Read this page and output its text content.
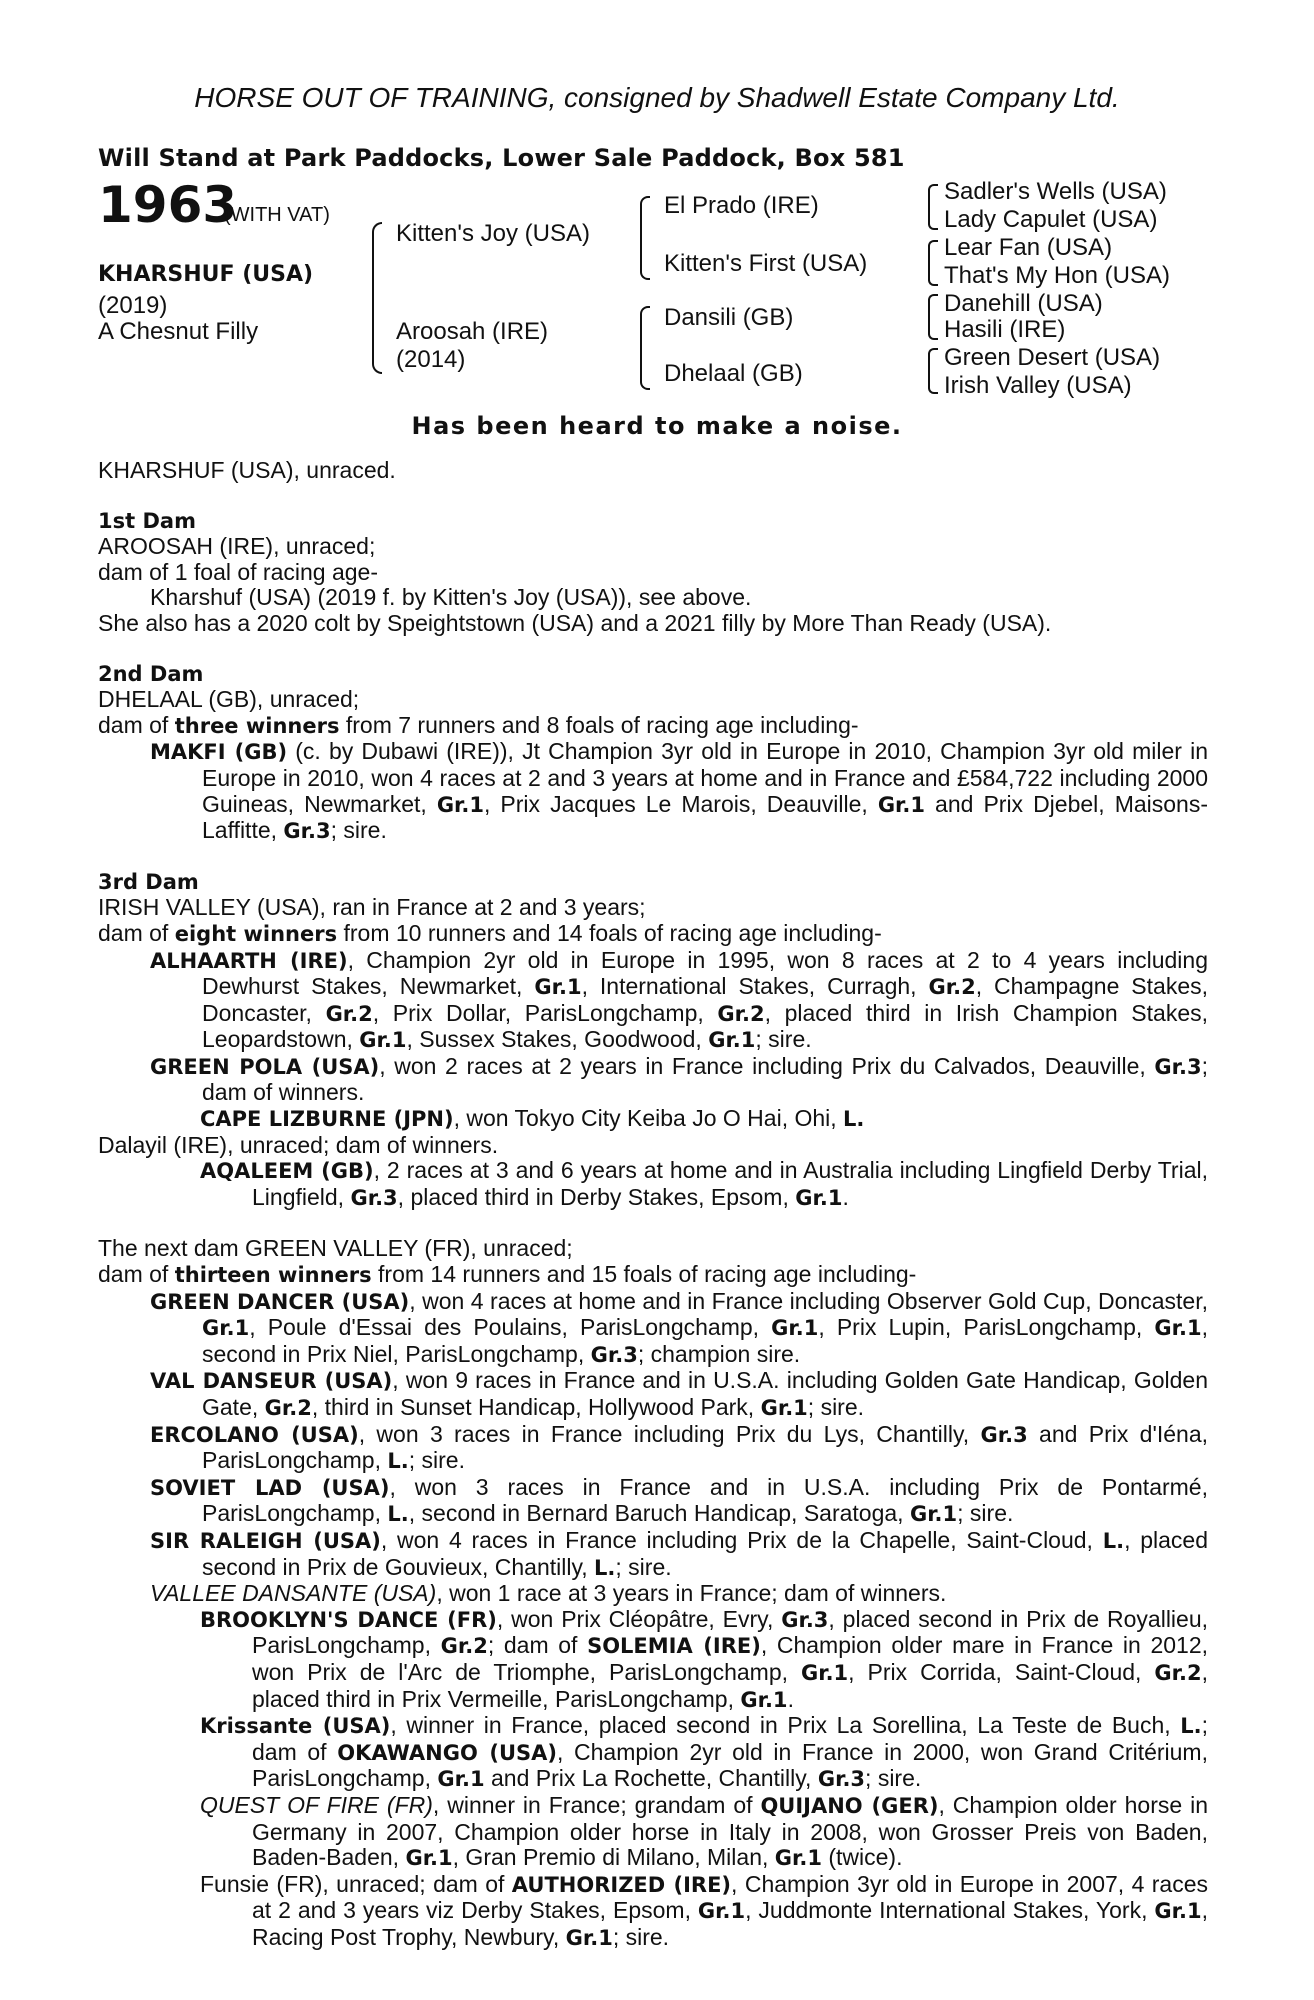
HORSE OUT OF TRAINING, consigned by Shadwell Estate Company Ltd.
Will Stand at Park Paddocks, Lower Sale Paddock, Box 581
1963
(WITH VAT)
KHARSHUF (USA)
(2019)
A Chesnut Filly
Kitten's Joy (USA)
Aroosah (IRE)
(2014)
El Prado (IRE)
Kitten's First (USA)
Dansili (GB)
Dhelaal (GB)
Sadler's Wells (USA)
Lady Capulet (USA)
Lear Fan (USA)
That's My Hon (USA)
Danehill (USA)
Hasili (IRE)
Green Desert (USA)
Irish Valley (USA)
Has been heard to make a noise.
KHARSHUF (USA), unraced.
1st Dam
AROOSAH (IRE), unraced;
dam of 1 foal of racing age-
Kharshuf (USA) (2019 f. by Kitten's Joy (USA)), see above.
She also has a 2020 colt by Speightstown (USA) and a 2021 filly by More Than Ready (USA).
2nd Dam
DHELAAL (GB), unraced;
dam of three winners from 7 runners and 8 foals of racing age including-
MAKFI (GB) (c. by Dubawi (IRE)), Jt Champion 3yr old in Europe in 2010, Champion 3yr old miler in Europe in 2010, won 4 races at 2 and 3 years at home and in France and £584,722 including 2000 Guineas, Newmarket, Gr.1, Prix Jacques Le Marois, Deauville, Gr.1 and Prix Djebel, Maisons-Laffitte, Gr.3; sire.
3rd Dam
IRISH VALLEY (USA), ran in France at 2 and 3 years;
dam of eight winners from 10 runners and 14 foals of racing age including-
ALHAARTH (IRE), Champion 2yr old in Europe in 1995, won 8 races at 2 to 4 years including Dewhurst Stakes, Newmarket, Gr.1, International Stakes, Curragh, Gr.2, Champagne Stakes, Doncaster, Gr.2, Prix Dollar, ParisLongchamp, Gr.2, placed third in Irish Champion Stakes, Leopardstown, Gr.1, Sussex Stakes, Goodwood, Gr.1; sire.
GREEN POLA (USA), won 2 races at 2 years in France including Prix du Calvados, Deauville, Gr.3; dam of winners.
CAPE LIZBURNE (JPN), won Tokyo City Keiba Jo O Hai, Ohi, L.
Dalayil (IRE), unraced; dam of winners.
AQALEEM (GB), 2 races at 3 and 6 years at home and in Australia including Lingfield Derby Trial, Lingfield, Gr.3, placed third in Derby Stakes, Epsom, Gr.1.
The next dam GREEN VALLEY (FR), unraced;
dam of thirteen winners from 14 runners and 15 foals of racing age including-
GREEN DANCER (USA), won 4 races at home and in France including Observer Gold Cup, Doncaster, Gr.1, Poule d'Essai des Poulains, ParisLongchamp, Gr.1, Prix Lupin, ParisLongchamp, Gr.1, second in Prix Niel, ParisLongchamp, Gr.3; champion sire.
VAL DANSEUR (USA), won 9 races in France and in U.S.A. including Golden Gate Handicap, Golden Gate, Gr.2, third in Sunset Handicap, Hollywood Park, Gr.1; sire.
ERCOLANO (USA), won 3 races in France including Prix du Lys, Chantilly, Gr.3 and Prix d'Iéna, ParisLongchamp, L.; sire.
SOVIET LAD (USA), won 3 races in France and in U.S.A. including Prix de Pontarmé, ParisLongchamp, L., second in Bernard Baruch Handicap, Saratoga, Gr.1; sire.
SIR RALEIGH (USA), won 4 races in France including Prix de la Chapelle, Saint-Cloud, L., placed second in Prix de Gouvieux, Chantilly, L.; sire.
VALLEE DANSANTE (USA), won 1 race at 3 years in France; dam of winners.
BROOKLYN'S DANCE (FR), won Prix Cléopâtre, Evry, Gr.3, placed second in Prix de Royallieu, ParisLongchamp, Gr.2; dam of SOLEMIA (IRE), Champion older mare in France in 2012, won Prix de l'Arc de Triomphe, ParisLongchamp, Gr.1, Prix Corrida, Saint-Cloud, Gr.2, placed third in Prix Vermeille, ParisLongchamp, Gr.1.
Krissante (USA), winner in France, placed second in Prix La Sorellina, La Teste de Buch, L.; dam of OKAWANGO (USA), Champion 2yr old in France in 2000, won Grand Critérium, ParisLongchamp, Gr.1 and Prix La Rochette, Chantilly, Gr.3; sire.
QUEST OF FIRE (FR), winner in France; grandam of QUIJANO (GER), Champion older horse in Germany in 2007, Champion older horse in Italy in 2008, won Grosser Preis von Baden, Baden-Baden, Gr.1, Gran Premio di Milano, Milan, Gr.1 (twice).
Funsie (FR), unraced; dam of AUTHORIZED (IRE), Champion 3yr old in Europe in 2007, 4 races at 2 and 3 years viz Derby Stakes, Epsom, Gr.1, Juddmonte International Stakes, York, Gr.1, Racing Post Trophy, Newbury, Gr.1; sire.
